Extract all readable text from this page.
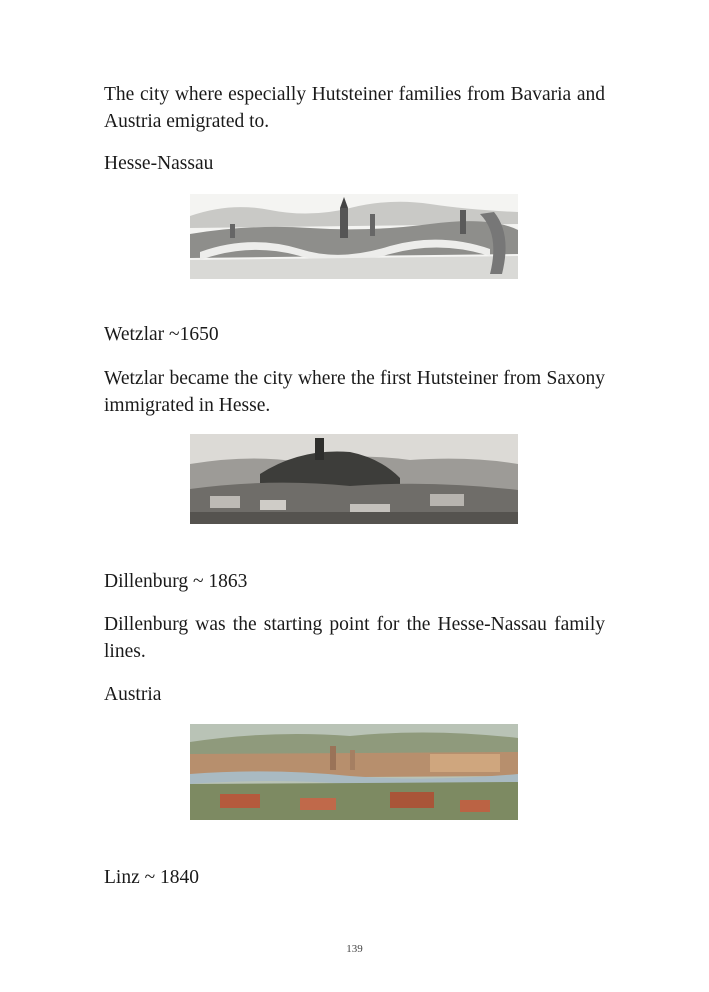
The city where especially Hutsteiner families from Bavaria and Austria emigrated to.

Hesse-Nassau

Wetzlar ~1650

Wetzlar became the city where the first Hutsteiner from Saxony immigrated in Hesse.

Dillenburg ~ 1863

Dillenburg was the starting point for the Hesse-Nassau family lines.

Austria

Linz ~ 1840

139
